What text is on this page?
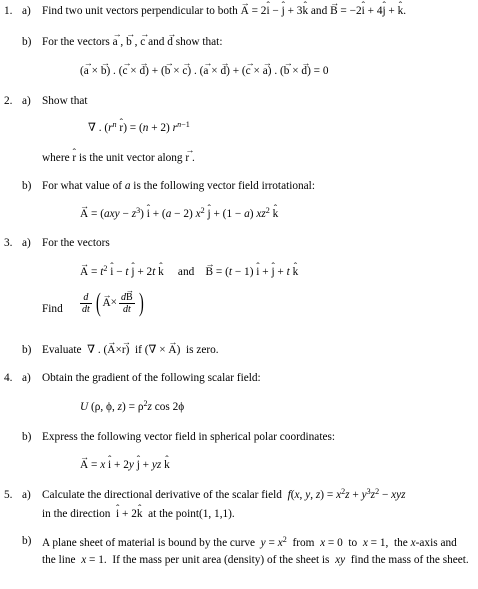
1. a) Find two unit vectors perpendicular to both → A = 2ˆ i − ˆ j + 3ˆ k and → B = −2ˆ i + 4ˆ j + ˆ k.
b) For the vectors → a , → b , → c and → d show that:
(→ a × → b) . (→ c × → d) + (→ b × → c) . (→ a × → d) + (→ c × → a) . (→ b × → d) = 0
2. a) Show that
∇ . ($r^n$ ˆ r) = (n + 2) $r^{n-1}$
where ˆ r is the unit vector along → r .
b) For what value of a is the following vector field irrotational:
→ $A = (axy - z^3)$ ˆ i + (a − 2) $x^2$ ˆ j + (1 − a) $xz^2$ ˆ k
3. a) For the vectors
→ $A = t^2$ ˆ i − t ˆ j + 2t ˆ k     and    → B = (t − 1) ˆ i + ˆ j + t ˆ k
Find $\frac{d}{dt}$ ( → $A\times \frac{d\to B}{dt}$ )
b) Evaluate  ∇ . (→ A×→ r)  if (∇ × → A)  is zero.
4. a) Obtain the gradient of the following scalar field:
U (ρ, ϕ, $z) = \rho^2z$ cos 2ϕ
b) Express the following vector field in spherical polar coordinates:
→ A = x ˆ i + 2y ˆ j + yz ˆ k
5. a) Calculate the directional derivative of the scalar field  f(x, y, $z) = x^2z + y^3z^2$ − xyz
in the direction  ˆ i + 2ˆ k  at the point(1, 1,1).
b) A plane sheet of material is bound by the curve  $y = x^2$  from  x = 0  to  x = 1,  the x-axis and the line  x = 1.  If the mass per unit area (density) of the sheet is  xy  find the mass of the sheet.
